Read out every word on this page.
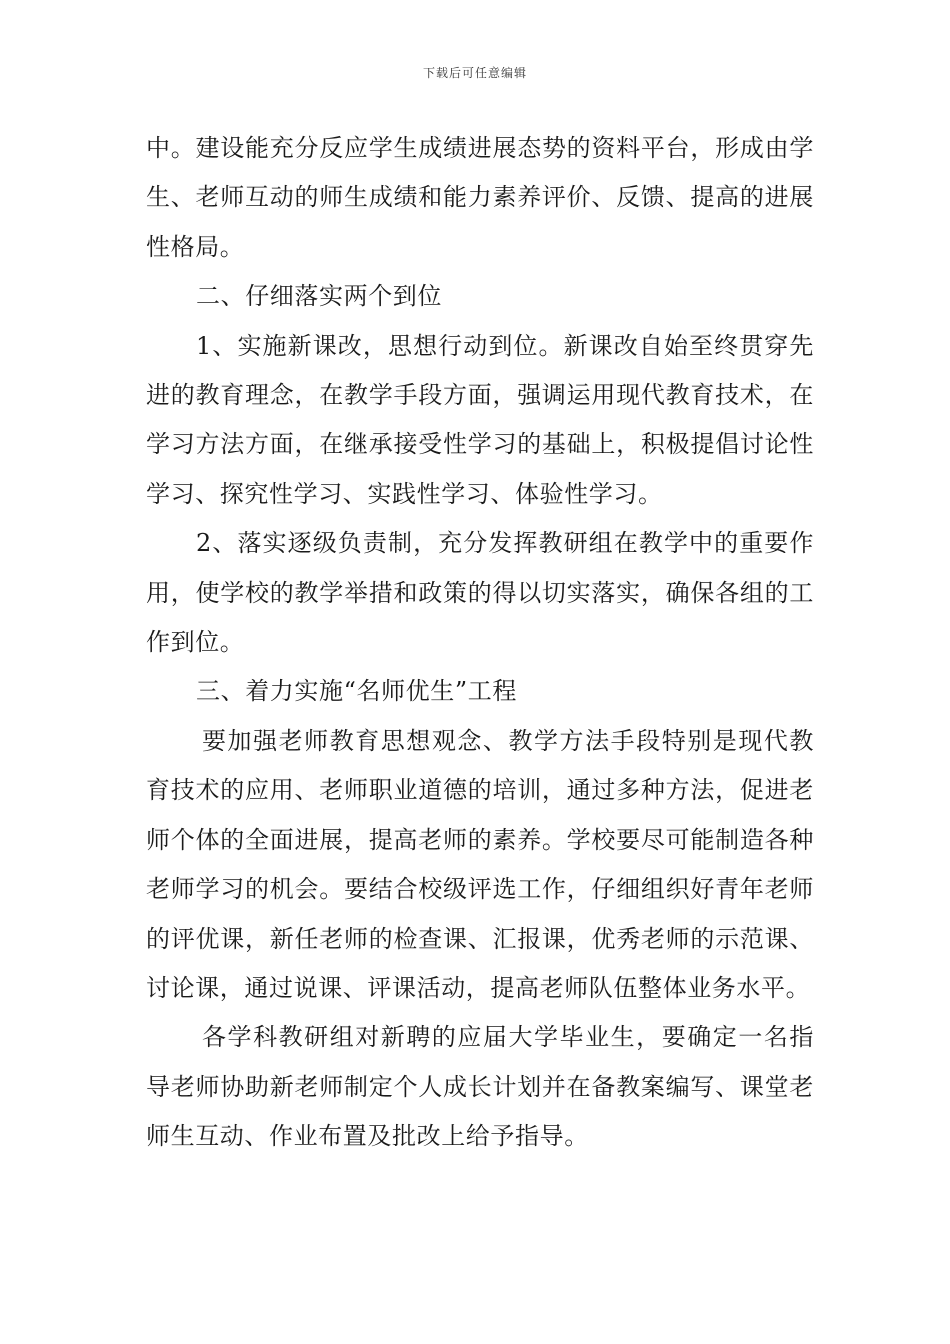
下载后可任意编辑

中。建设能充分反应学生成绩进展态势的资料平台，形成由学生、老师互动的师生成绩和能力素养评价、反馈、提高的进展性格局。

二、仔细落实两个到位

1、实施新课改，思想行动到位。新课改自始至终贯穿先进的教育理念，在教学手段方面，强调运用现代教育技术，在学习方法方面，在继承接受性学习的基础上，积极提倡讨论性学习、探究性学习、实践性学习、体验性学习。

2、落实逐级负责制，充分发挥教研组在教学中的重要作用，使学校的教学举措和政策的得以切实落实，确保各组的工作到位。

三、着力实施“名师优生”工程

要加强老师教育思想观念、教学方法手段特别是现代教育技术的应用、老师职业道德的培训，通过多种方法，促进老师个体的全面进展，提高老师的素养。学校要尽可能制造各种老师学习的机会。要结合校级评选工作，仔细组织好青年老师的评优课，新任老师的检查课、汇报课，优秀老师的示范课、讨论课，通过说课、评课活动，提高老师队伍整体业务水平。

各学科教研组对新聘的应届大学毕业生，要确定一名指导老师协助新老师制定个人成长计划并在备教案编写、课堂老师生互动、作业布置及批改上给予指导。
